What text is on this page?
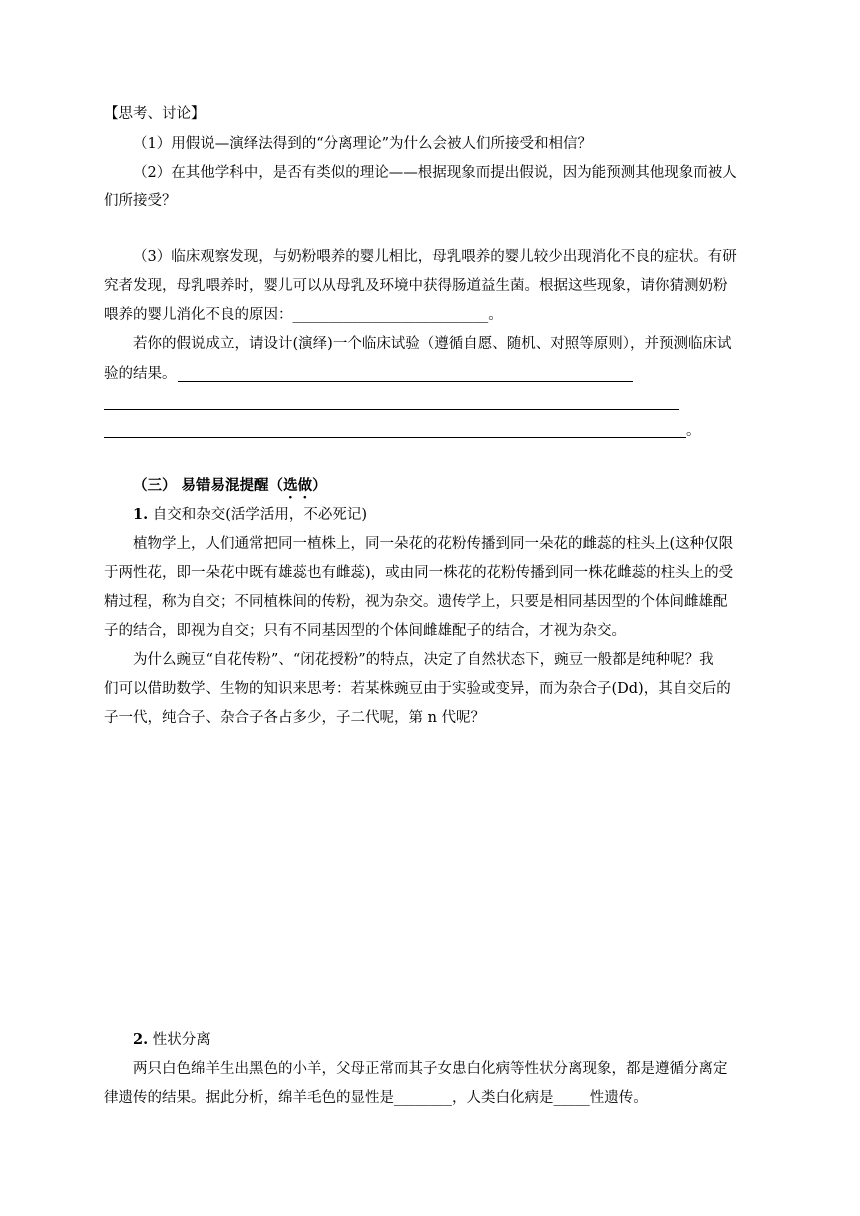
【思考、讨论】
（1）用假说—演绎法得到的“分离理论”为什么会被人们所接受和相信？
（2）在其他学科中，是否有类似的理论——根据现象而提出假说，因为能预测其他现象而被人
们所接受？
（3）临床观察发现，与奶粉喂养的婴儿相比，母乳喂养的婴儿较少出现消化不良的症状。有研
究者发现，母乳喂养时，婴儿可以从母乳及环境中获得肠道益生菌。根据这些现象，请你猜测奶粉
喂养的婴儿消化不良的原因：___________________________。
若你的假说成立，请设计(演绎)一个临床试验（遵循自愿、随机、对照等原则），并预测临床试
验的结果。
。
（三） 易错易混提醒（选做）
1. 自交和杂交(活学活用，不必死记)
植物学上，人们通常把同一植株上，同一朵花的花粉传播到同一朵花的雌蕊的柱头上(这种仅限
于两性花，即一朵花中既有雄蕊也有雌蕊)，或由同一株花的花粉传播到同一株花雌蕊的柱头上的受
精过程，称为自交；不同植株间的传粉，视为杂交。遗传学上，只要是相同基因型的个体间雌雄配
子的结合，即视为自交；只有不同基因型的个体间雌雄配子的结合，才视为杂交。
为什么豌豆“自花传粉”、“闭花授粉”的特点，决定了自然状态下，豌豆一般都是纯种呢？我
们可以借助数学、生物的知识来思考：若某株豌豆由于实验或变异，而为杂合子(Dd)，其自交后的
子一代，纯合子、杂合子各占多少，子二代呢，第 n 代呢？
2. 性状分离
两只白色绵羊生出黑色的小羊，父母正常而其子女患白化病等性状分离现象，都是遵循分离定
律遗传的结果。据此分析，绵羊毛色的显性是________，人类白化病是_____性遗传。
